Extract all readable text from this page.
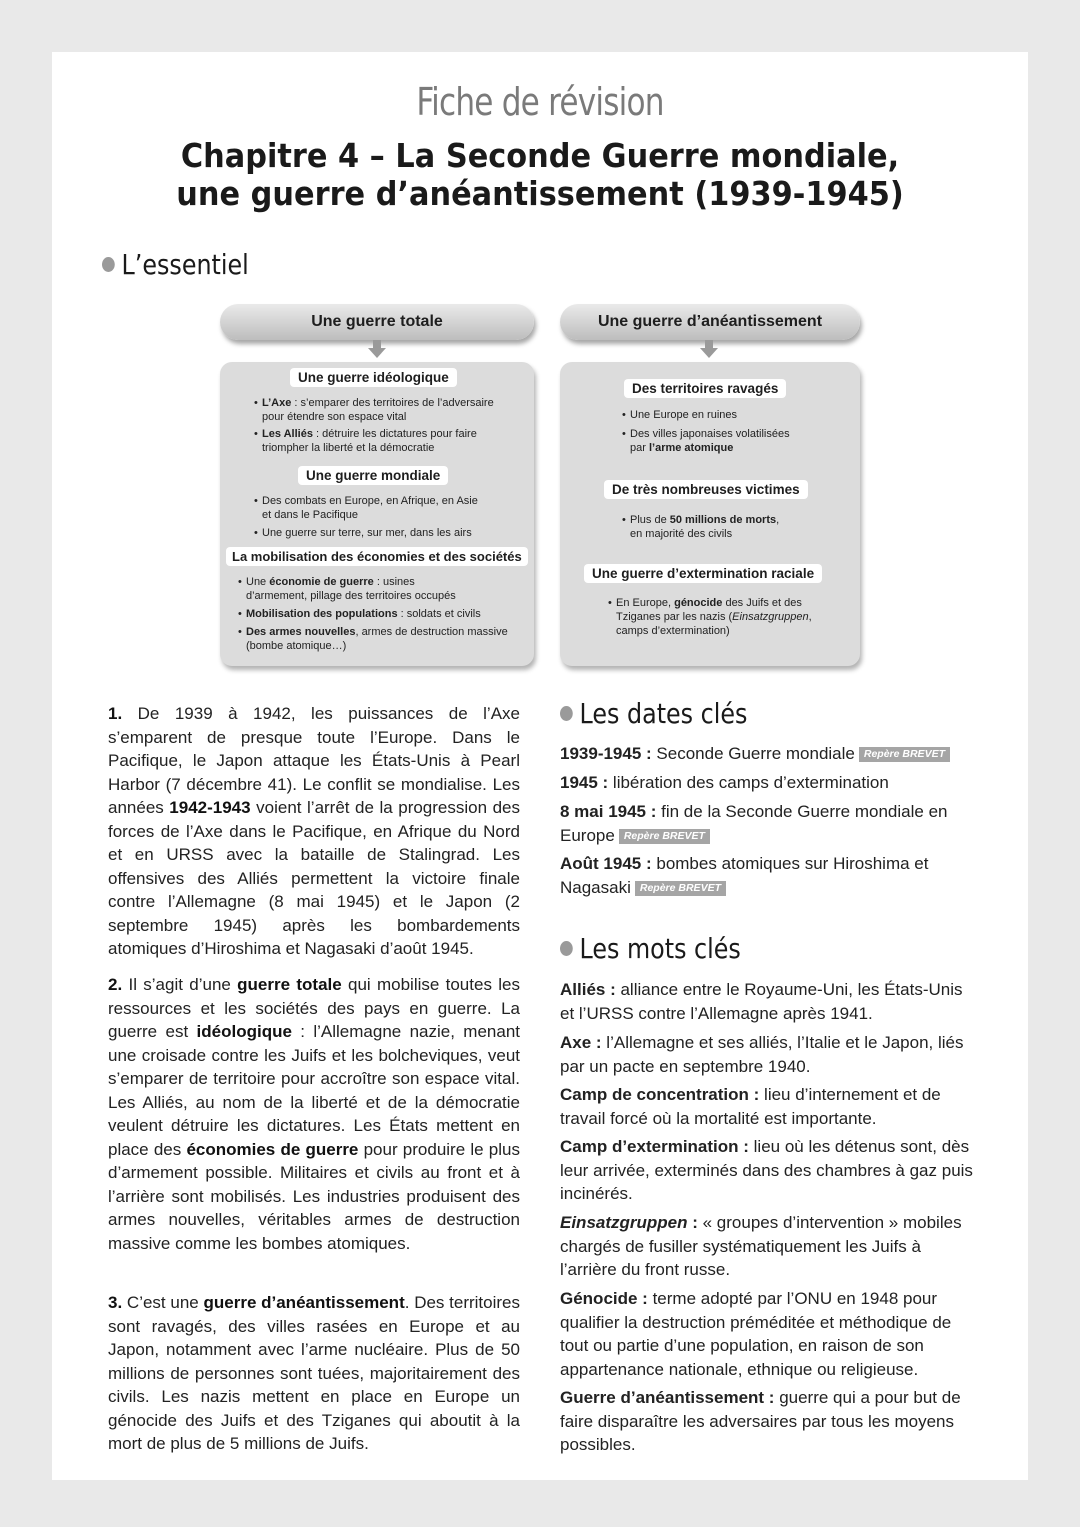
Fiche de révision
Chapitre 4 – La Seconde Guerre mondiale,
une guerre d’anéantissement (1939-1945)
L’essentiel
Une guerre totale
Une guerre idéologique
• L’Axe : s’emparer des territoires de l’adversaire
pour étendre son espace vital
• Les Alliés : détruire les dictatures pour faire
triompher la liberté et la démocratie
Une guerre mondiale
• Des combats en Europe, en Afrique, en Asie
et dans le Pacifique
• Une guerre sur terre, sur mer, dans les airs
La mobilisation des économies et des sociétés
• Une économie de guerre : usines
d’armement, pillage des territoires occupés
• Mobilisation des populations : soldats et civils
• Des armes nouvelles, armes de destruction massive
(bombe atomique…)
Une guerre d’anéantissement
Des territoires ravagés
• Une Europe en ruines
• Des villes japonaises volatilisées
par l’arme atomique
De très nombreuses victimes
• Plus de 50 millions de morts,
en majorité des civils
Une guerre d’extermination raciale
• En Europe, génocide des Juifs et des
Tziganes par les nazis (Einsatzgruppen,
camps d’extermination)
1. De 1939 à 1942, les puissances de l’Axe s’emparent de presque toute l’Europe. Dans le Pacifique, le Japon attaque les États-Unis à Pearl Harbor (7 décembre 41). Le conflit se mondialise. Les années 1942-1943 voient l’arrêt de la progression des forces de l’Axe dans le Pacifique, en Afrique du Nord et en URSS avec la bataille de Stalingrad. Les offensives des Alliés permettent la victoire finale contre l’Allemagne (8 mai 1945) et le Japon (2 septembre 1945) après les bombardements atomiques d’Hiroshima et Nagasaki d’août 1945.
2. Il s’agit d’une guerre totale qui mobilise toutes les ressources et les sociétés des pays en guerre. La guerre est idéologique : l’Allemagne nazie, menant une croisade contre les Juifs et les bolcheviques, veut s’emparer de territoire pour accroître son espace vital. Les Alliés, au nom de la liberté et de la démocratie veulent détruire les dictatures. Les États mettent en place des économies de guerre pour produire le plus d’armement possible. Militaires et civils au front et à l’arrière sont mobilisés. Les industries produisent des armes nouvelles, véritables armes de destruction massive comme les bombes atomiques.
3. C’est une guerre d’anéantissement. Des territoires sont ravagés, des villes rasées en Europe et au Japon, notamment avec l’arme nucléaire. Plus de 50 millions de personnes sont tuées, majoritairement des civils. Les nazis mettent en place en Europe un génocide des Juifs et des Tziganes qui aboutit à la mort de plus de 5 millions de Juifs.
Les dates clés
1939-1945 : Seconde Guerre mondiale Repère BREVET
1945 : libération des camps d’extermination
8 mai 1945 : fin de la Seconde Guerre mondiale en Europe Repère BREVET
Août 1945 : bombes atomiques sur Hiroshima et Nagasaki Repère BREVET
Les mots clés
Alliés : alliance entre le Royaume-Uni, les États-Unis et l’URSS contre l’Allemagne après 1941.
Axe : l’Allemagne et ses alliés, l’Italie et le Japon, liés par un pacte en septembre 1940.
Camp de concentration : lieu d’internement et de travail forcé où la mortalité est importante.
Camp d’extermination : lieu où les détenus sont, dès leur arrivée, exterminés dans des chambres à gaz puis incinérés.
Einsatzgruppen : « groupes d’intervention » mobiles chargés de fusiller systématiquement les Juifs à l’arrière du front russe.
Génocide : terme adopté par l’ONU en 1948 pour qualifier la destruction préméditée et méthodique de tout ou partie d’une population, en raison de son appartenance nationale, ethnique ou religieuse.
Guerre d’anéantissement : guerre qui a pour but de faire disparaître les adversaires par tous les moyens possibles.
